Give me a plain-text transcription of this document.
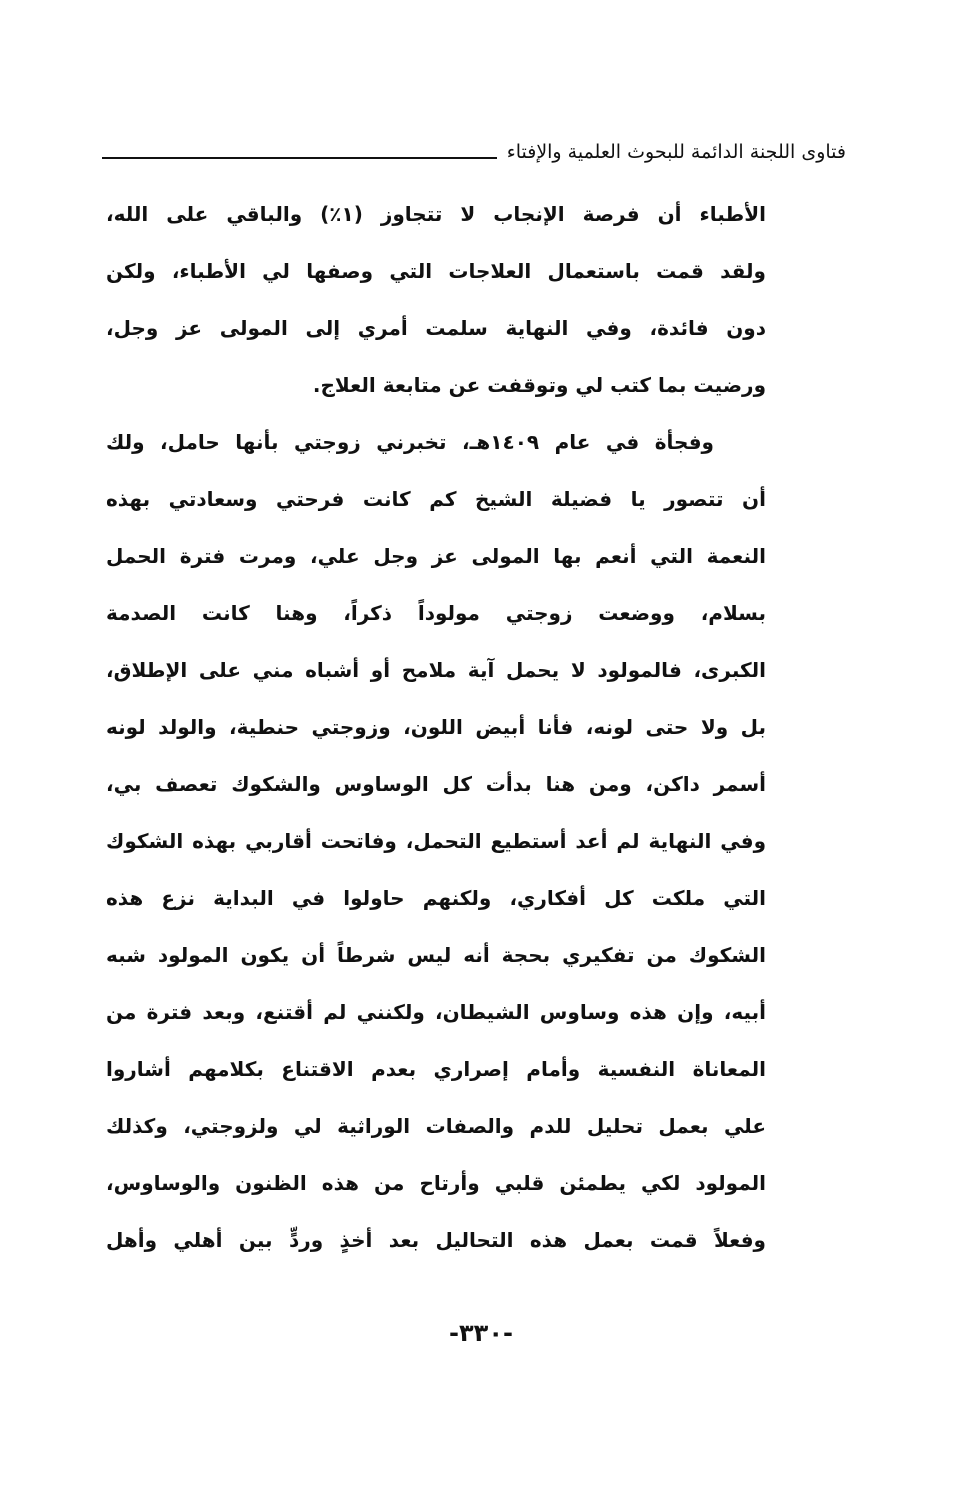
فتاوى اللجنة الدائمة للبحوث العلمية والإفتاء
الأطباء أن فرصة الإنجاب لا تتجاوز (١٪) والباقي على الله،
ولقد قمت باستعمال العلاجات التي وصفها لي الأطباء، ولكن
دون فائدة، وفي النهاية سلمت أمري إلى المولى عز وجل،
ورضيت بما كتب لي وتوقفت عن متابعة العلاج.
وفجأة في عام ١٤٠٩هـ، تخبرني زوجتي بأنها حامل، ولك
أن تتصور يا فضيلة الشيخ كم كانت فرحتي وسعادتي بهذه
النعمة التي أنعم بها المولى عز وجل علي، ومرت فترة الحمل
بسلام، ووضعت زوجتي مولوداً ذكراً، وهنا كانت الصدمة
الكبرى، فالمولود لا يحمل آية ملامح أو أشباه مني على الإطلاق،
بل ولا حتى لونه، فأنا أبيض اللون، وزوجتي حنطية، والولد لونه
أسمر داكن، ومن هنا بدأت كل الوساوس والشكوك تعصف بي،
وفي النهاية لم أعد أستطيع التحمل، وفاتحت أقاربي بهذه الشكوك
التي ملكت كل أفكاري، ولكنهم حاولوا في البداية نزع هذه
الشكوك من تفكيري بحجة أنه ليس شرطاً أن يكون المولود شبه
أبيه، وإن هذه وساوس الشيطان، ولكنني لم أقتنع، وبعد فترة من
المعاناة النفسية وأمام إصراري بعدم الاقتناع بكلامهم أشاروا
علي بعمل تحليل للدم والصفات الوراثية لي ولزوجتي، وكذلك
المولود لكي يطمئن قلبي وأرتاح من هذه الظنون والوساوس،
وفعلاً قمت بعمل هذه التحاليل بعد أخذٍ وردٍّ بين أهلي وأهل
-٣٣٠-
